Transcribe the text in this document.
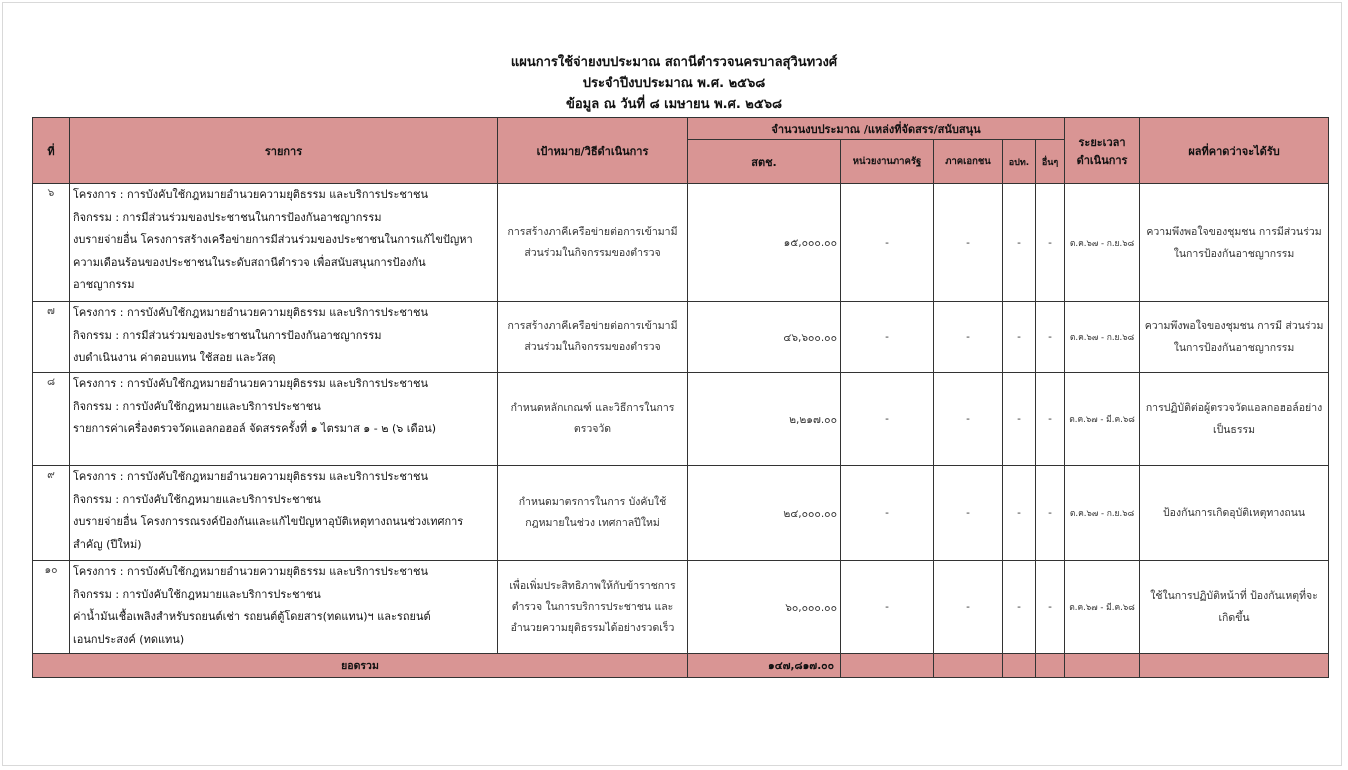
แผนการใช้จ่ายงบประมาณ สถานีตำรวจนครบาลสุวินทวงศ์
ประจำปีงบประมาณ พ.ศ. ๒๕๖๘
ข้อมูล ณ วันที่ ๘ เมษายน พ.ศ. ๒๕๖๘
ที่	รายการ	เป้าหมาย/วิธีดำเนินการ	จำนวนงบประมาณ /แหล่งที่จัดสรร/สนับสนุน					ระยะเวลา ดำเนินการ	ผลที่คาดว่าจะได้รับ
			สตช.	หน่วยงานภาครัฐ	ภาคเอกชน	อปท.	อื่นๆ		
๖	โครงการ : การบังคับใช้กฎหมายอำนวยความยุติธรรม และบริการประชาชน
กิจกรรม : การมีส่วนร่วมของประชาชนในการป้องกันอาชญากรรม
งบรายจ่ายอื่น โครงการสร้างเครือข่ายการมีส่วนร่วมของประชาชนในการแก้ไขปัญหา
ความเดือนร้อนของประชาชนในระดับสถานีตำรวจ เพื่อสนับสนุนการป้องกัน
อาชญากรรม	การสร้างภาคีเครือข่ายต่อการเข้ามามีส่วนร่วมในกิจกรรมของตำรวจ	๑๕,๐๐๐.๐๐	-	-	-	-	ต.ค.๖๗ - ก.ย.๖๘	ความพึงพอใจของชุมชน การมีส่วนร่วมในการป้องกันอาชญากรรม
๗	โครงการ : การบังคับใช้กฎหมายอำนวยความยุติธรรม และบริการประชาชน
กิจกรรม : การมีส่วนร่วมของประชาชนในการป้องกันอาชญากรรม
งบดำเนินงาน ค่าตอบแทน ใช้สอย และวัสดุ	การสร้างภาคีเครือข่ายต่อการเข้ามามีส่วนร่วมในกิจกรรมของตำรวจ	๔๖,๖๐๐.๐๐	-	-	-	-	ต.ค.๖๗ - ก.ย.๖๘	ความพึงพอใจของชุมชน การมี ส่วนร่วมในการป้องกันอาชญากรรม
๘	โครงการ : การบังคับใช้กฎหมายอำนวยความยุติธรรม และบริการประชาชน
กิจกรรม : การบังคับใช้กฎหมายและบริการประชาชน
รายการค่าเครื่องตรวจวัดแอลกอฮอล์ จัดสรรครั้งที่ ๑ ไตรมาส ๑ - ๒ (๖ เดือน)	กำหนดหลักเกณฑ์ และวิธีการในการตรวจวัด	๒,๒๑๗.๐๐	-	-	-	-	ต.ค.๖๗ - มี.ค.๖๘	การปฏิบัติต่อผู้ตรวจวัดแอลกอฮอล์อย่างเป็นธรรม
๙	โครงการ : การบังคับใช้กฎหมายอำนวยความยุติธรรม และบริการประชาชน
กิจกรรม : การบังคับใช้กฎหมายและบริการประชาชน
งบรายจ่ายอื่น โครงการรณรงค์ป้องกันและแก้ไขปัญหาอุบัติเหตุทางถนนช่วงเทศการ
สำคัญ (ปีใหม่)	กำหนดมาตรการในการ บังคับใช้กฎหมายในช่วง เทศกาลปีใหม่	๒๔,๐๐๐.๐๐	-	-	-	-	ต.ค.๖๗ - ก.ย.๖๘	ป้องกันการเกิดอุบัติเหตุทางถนน
๑๐	โครงการ : การบังคับใช้กฎหมายอำนวยความยุติธรรม และบริการประชาชน
กิจกรรม : การบังคับใช้กฎหมายและบริการประชาชน
ค่าน้ำมันเชื้อเพลิงสำหรับรถยนต์เช่า รถยนต์ตู้โดยสาร(ทดแทน)ฯ และรถยนต์
เอนกประสงค์ (ทดแทน)	เพื่อเพิ่มประสิทธิภาพให้กับข้าราชการตำรวจ ในการบริการประชาชน และอำนวยความยุติธรรมได้อย่างรวดเร็ว	๖๐,๐๐๐.๐๐	-	-	-	-	ต.ค.๖๗ - มี.ค.๖๘	ใช้ในการปฏิบัติหน้าที่ ป้องกันเหตุที่จะเกิดขึ้น
ยอดรวม			๑๔๗,๘๑๗.๐๐						
